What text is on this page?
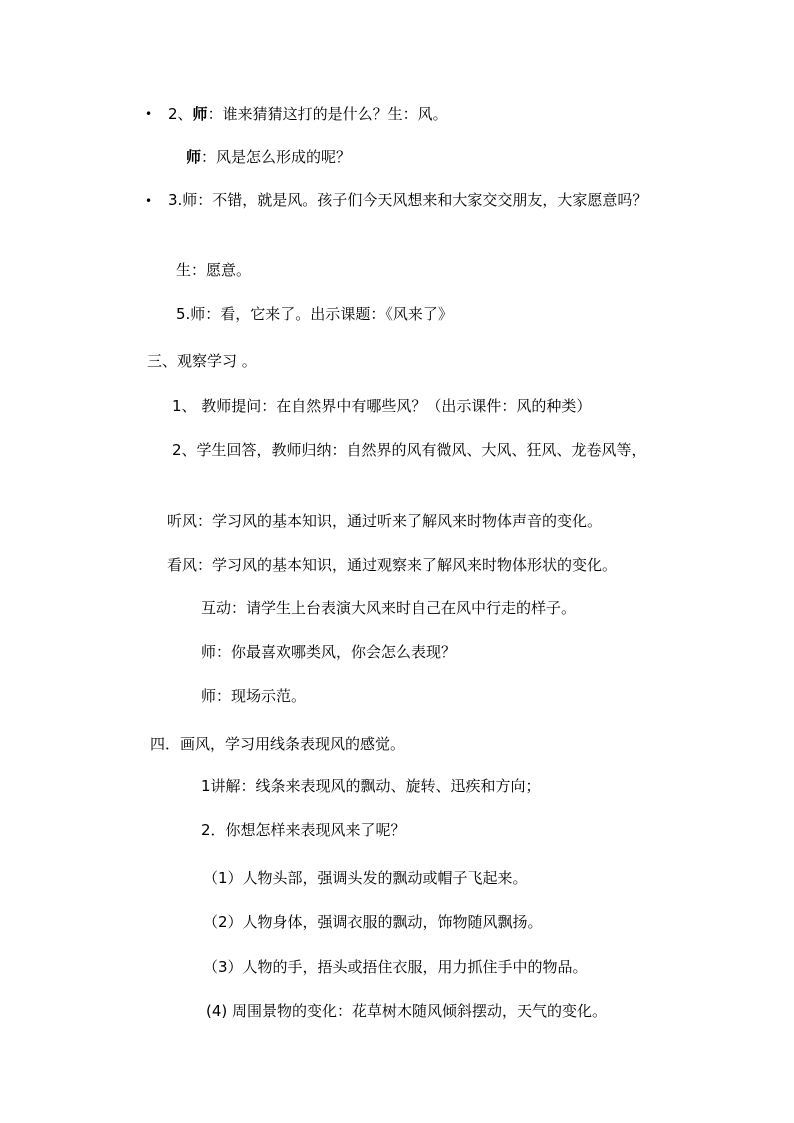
• 2、师：谁来猜猜这打的是什么？生：风。
师：风是怎么形成的呢？
• 3.师：不错，就是风。孩子们今天风想来和大家交交朋友，大家愿意吗？
生：愿意。
5.师：看，它来了。出示课题：《风来了》
三、观察学习 。
1、 教师提问：在自然界中有哪些风？（出示课件：风的种类）
2、学生回答，教师归纳：自然界的风有微风、大风、狂风、龙卷风等，
听风：学习风的基本知识，通过听来了解风来时物体声音的变化。
看风：学习风的基本知识，通过观察来了解风来时物体形状的变化。
互动：请学生上台表演大风来时自己在风中行走的样子。
师：你最喜欢哪类风，你会怎么表现？
师：现场示范。
四．画风，学习用线条表现风的感觉。
1讲解：线条来表现风的飘动、旋转、迅疾和方向；
2．你想怎样来表现风来了呢？
（1）人物头部，强调头发的飘动或帽子飞起来。
（2）人物身体，强调衣服的飘动，饰物随风飘扬。
（3）人物的手，捂头或捂住衣服，用力抓住手中的物品。
(4) 周围景物的变化：花草树木随风倾斜摆动，天气的变化。
